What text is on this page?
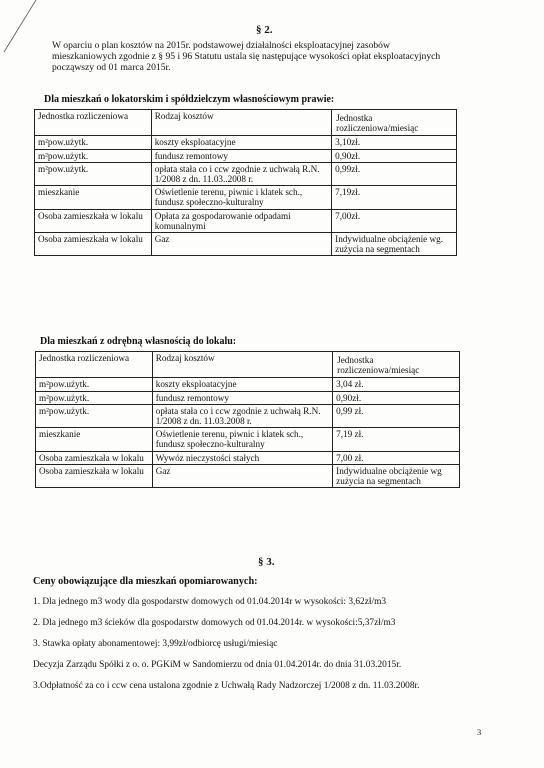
§ 2.
W oparciu o plan kosztów na 2015r. podstawowej działalności eksploatacyjnej zasobów
mieszkaniowych zgodnie z § 95 i 96 Statutu ustala się następujące wysokości opłat eksploatacyjnych
począwszy od 01 marca 2015r.
Dla mieszkań o lokatorskim i spółdzielczym własnościowym prawie:
Jednostka rozliczeniowa	Rodzaj kosztów	Jednostka rozliczeniowa/miesiąc
m²pow.użytk.	koszty eksploatacyjne	3,10zł.
m²pow.użytk.	fundusz remontowy	0,90zł.
m²pow.użytk.	opłata stała co i ccw zgodnie z uchwałą R.N. 1/2008 z dn. 11.03..2008 r.	0,99zł.
mieszkanie	Oświetlenie terenu, piwnic i klatek sch., fundusz społeczno-kulturalny	7,19zł.
Osoba zamieszkała w lokalu	Opłata za gospodarowanie odpadami komunalnymi	7,00zł.
Osoba zamieszkała w lokalu	Gaz	Indywidualne obciążenie wg. zużycia na segmentach
Dla mieszkań z odrębną własnością do lokalu:
Jednostka rozliczeniowa	Rodzaj kosztów	Jednostka rozliczeniowa/miesiąc
m²pow.użytk.	koszty eksploatacyjne	3,04 zł.
m²pow.użytk.	fundusz remontowy	0,90zł.
m²pow.użytk.	opłata stała co i ccw zgodnie z uchwałą R.N. 1/2008 z dn. 11.03.2008 r.	0,99 zł.
mieszkanie	Oświetlenie terenu, piwnic i klatek sch., fundusz społeczno-kulturalny	7,19 zł.
Osoba zamieszkała w lokalu	Wywóz nieczystości stałych	7,00 zł.
Osoba zamieszkała w lokalu	Gaz	Indywidualne obciążenie wg zużycia na segmentach
§ 3.
Ceny obowiązujące dla mieszkań opomiarowanych:
1. Dla jednego m3 wody dla gospodarstw domowych od 01.04.2014r w wysokości: 3,62zł/m3
2. Dla jednego m3 ścieków dla gospodarstw domowych od 01.04.2014r. w wysokości:5,37zł/m3
3. Stawka opłaty abonamentowej: 3,99zł/odbiorcę usługi/miesiąc
Decyzja Zarządu Spółki z o. o. PGKiM w Sandomierzu od dnia 01.04.2014r. do dnia 31.03.2015r.
3.Odpłatność za co i ccw cena ustalona zgodnie z Uchwałą Rady Nadzorczej 1/2008 z dn. 11.03.2008r.
3
